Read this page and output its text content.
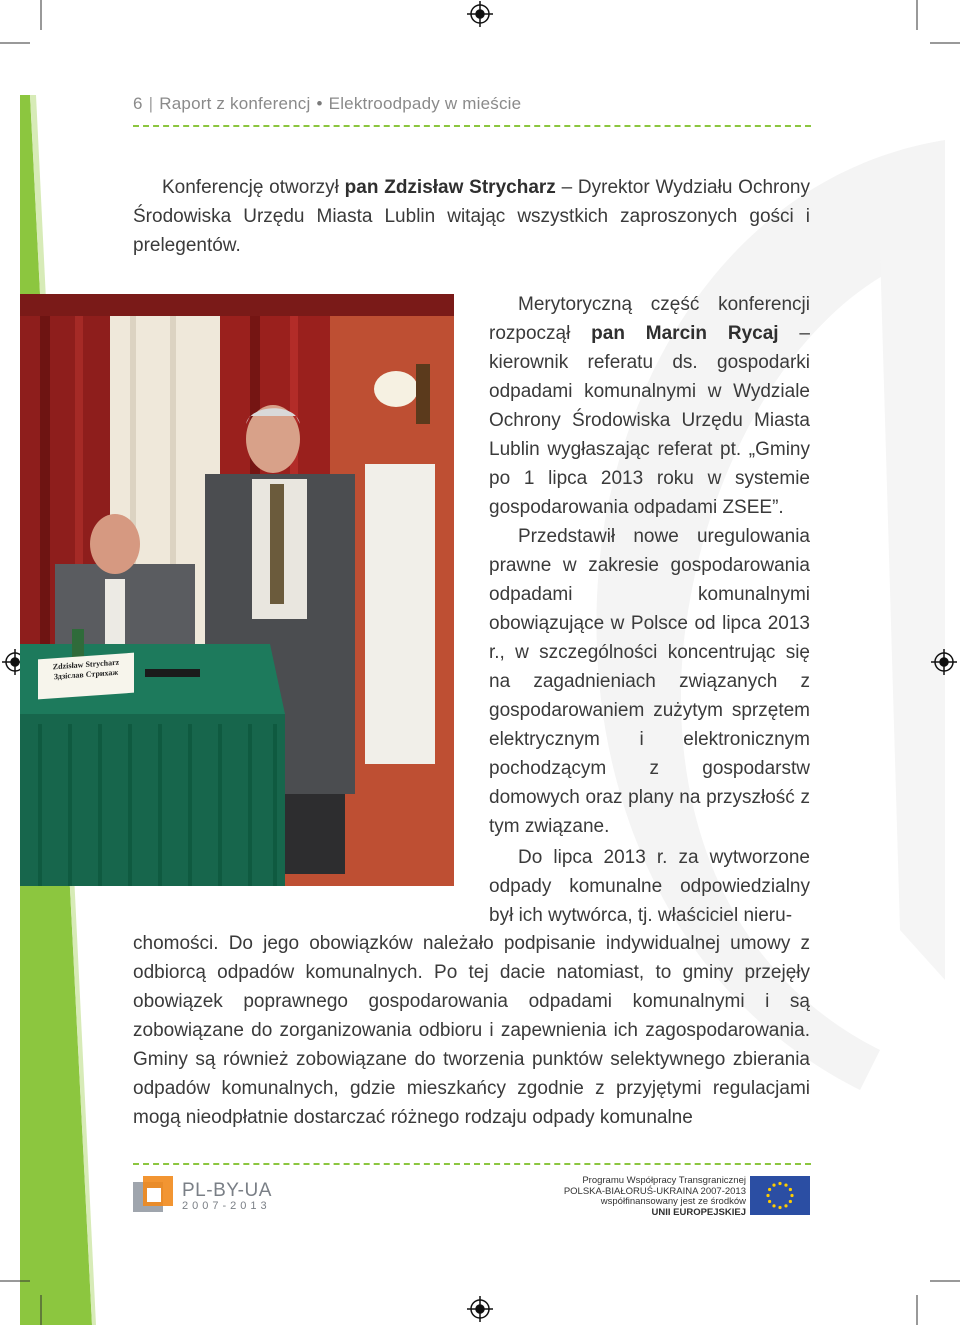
6 | Raport z konferencj • Elektroodpady w mieście

Konferencję otworzył pan Zdzisław Strycharz – Dyrektor Wydziału Ochrony Środowiska Urzędu Miasta Lublin witając wszystkich zaproszonych gości i prelegentów.

Zdzisław Strycharz
Здзіслав Стрихаж

Merytoryczną część konferencji rozpoczął pan Marcin Rycaj – kierownik referatu ds. gospodarki odpadami komunalnymi w Wydziale Ochrony Środowiska Urzędu Miasta Lublin wygłaszając referat pt. „Gminy po 1 lipca 2013 roku w systemie gospodarowania odpadami ZSEE”.
Przedstawił nowe uregulowania prawne w zakresie gospodarowania odpadami komunalnymi obowiązujące w Polsce od lipca 2013 r., w szczególności koncentrując się na zagadnieniach związanych z gospodarowaniem zużytym sprzętem elektrycznym i elektronicznym pochodzącym z gospodarstw domowych oraz plany na przyszłość z tym związane.

Do lipca 2013 r. za wytworzone odpady komunalne odpowiedzialny był ich wytwórca, tj. właściciel nieru-

chomości. Do jego obowiązków należało podpisanie indywidualnej umowy z odbiorcą odpadów komunalnych. Po tej dacie natomiast, to gminy przejęły obowiązek poprawnego gospodarowania odpadami komunalnymi i są zobowiązane do zorganizowania odbioru i zapewnienia ich zagospodarowania. Gminy są również zobowiązane do tworzenia punktów selektywnego zbierania odpadów komunalnych, gdzie mieszkańcy zgodnie z przyjętymi regulacjami mogą nieodpłatnie dostarczać różnego rodzaju odpady komunalne

PL-BY-UA
2007-2013
Programu Współpracy Transgranicznej
POLSKA-BIAŁORUŚ-UKRAINA 2007-2013
współfinansowany jest ze środków
UNII EUROPEJSKIEJ
